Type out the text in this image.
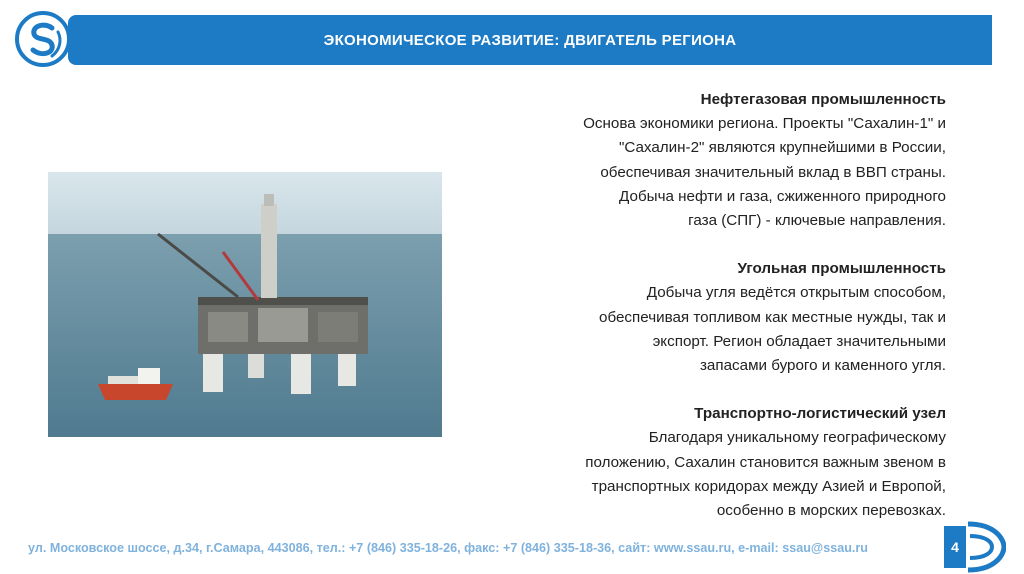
ЭКОНОМИЧЕСКОЕ РАЗВИТИЕ: ДВИГАТЕЛЬ РЕГИОНА
Нефтегазовая промышленность

Основа экономики региона. Проекты "Сахалин-1" и
"Сахалин-2" являются крупнейшими в России,
обеспечивая значительный вклад в ВВП страны.
Добыча нефти и газа, сжиженного природного
газа (СПГ) - ключевые направления.

Угольная промышленность

Добыча угля ведётся открытым способом,
обеспечивая топливом как местные нужды, так и
экспорт. Регион обладает значительными
запасами бурого и каменного угля.

Транспортно-логистический узел

Благодаря уникальному географическому
положению, Сахалин становится важным звеном в
транспортных коридорах между Азией и Европой,
особенно в морских перевозках.

ул. Московское шоссе, д.34, г.Самара, 443086, тел.: +7 (846) 335-18-26, факс: +7 (846) 335-18-36, сайт: www.ssau.ru, e-mail: ssau@ssau.ru	4
